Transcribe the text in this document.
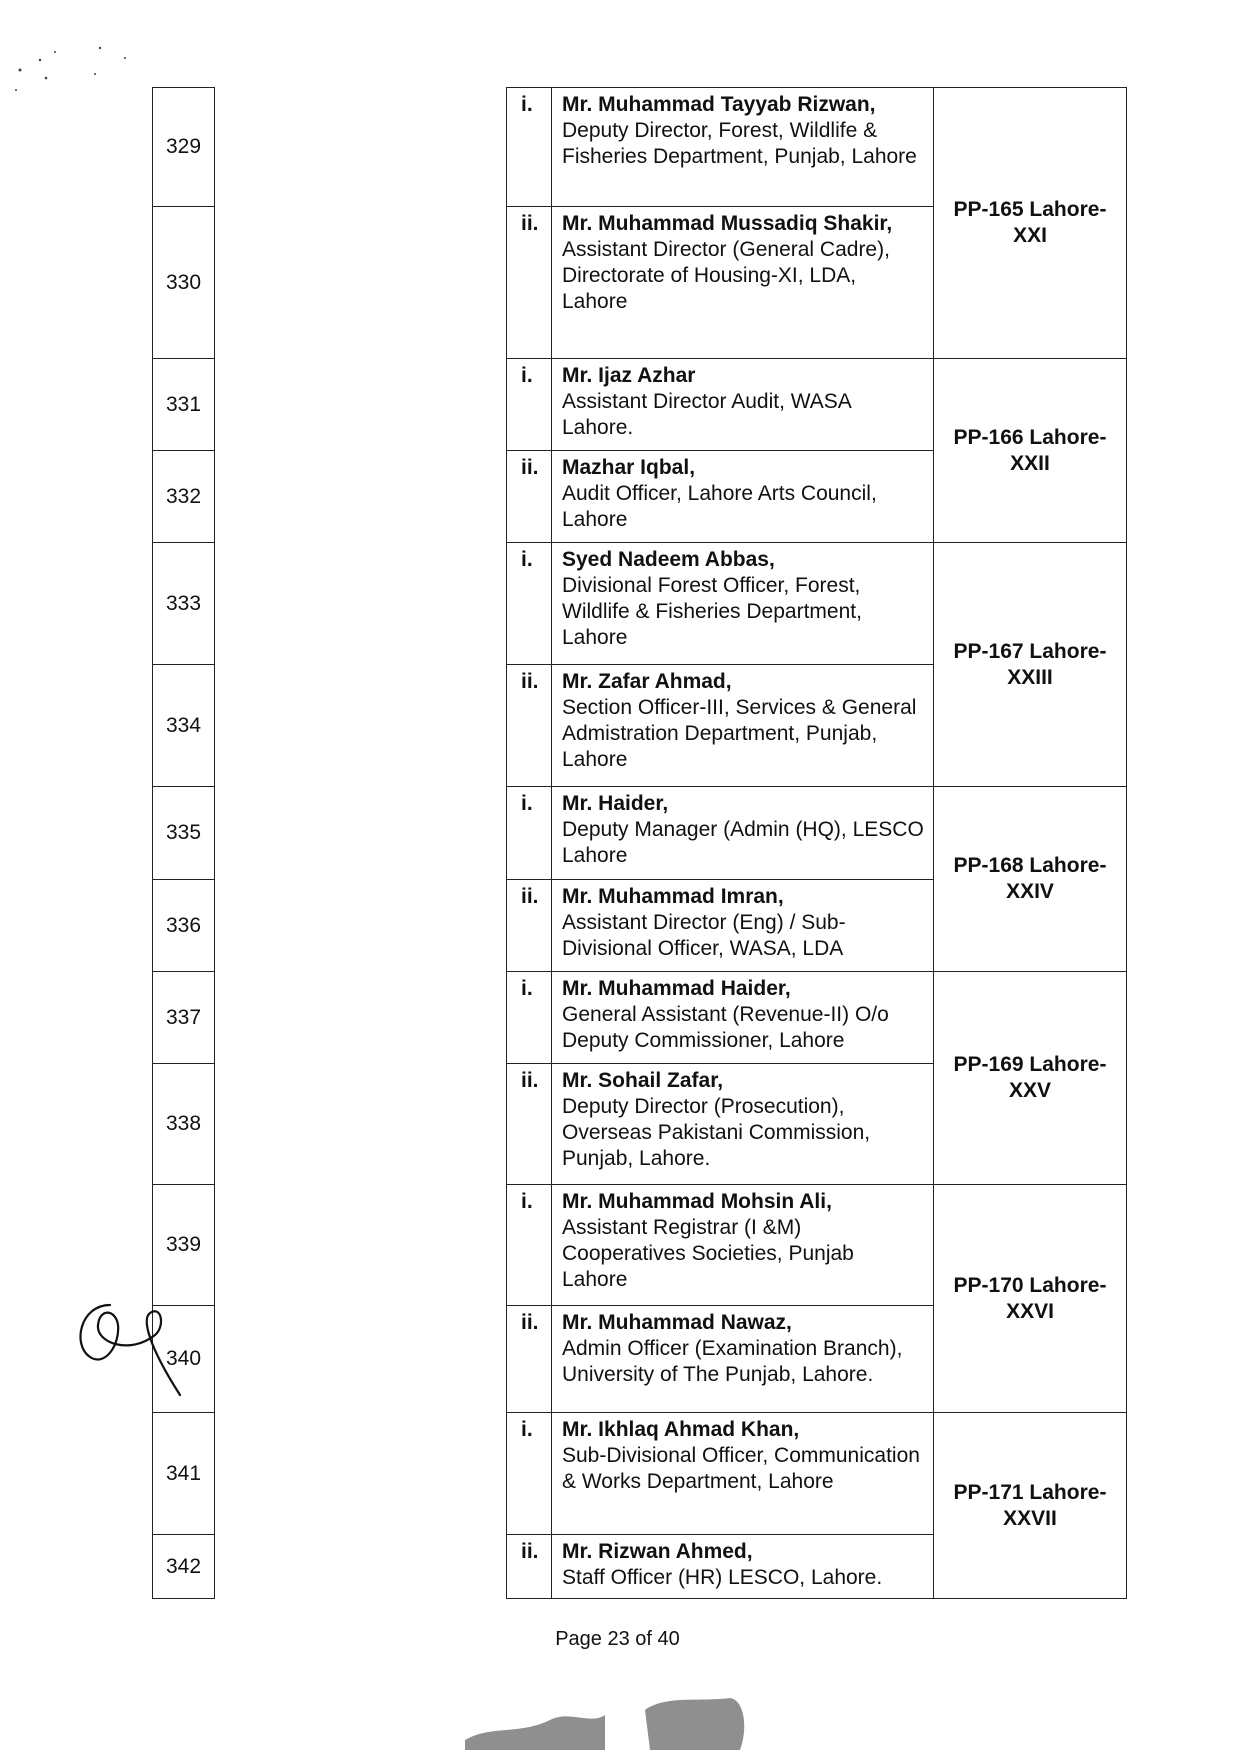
329		i.	Mr. Muhammad Tayyab Rizwan,
Deputy Director, Forest, Wildlife & Fisheries Department, Punjab, Lahore	PP-165 Lahore-XXI
330		ii.	Mr. Muhammad Mussadiq Shakir,
Assistant Director (General Cadre), Directorate of Housing-XI, LDA, Lahore	

331		i.	Mr. Ijaz Azhar
Assistant Director Audit, WASA Lahore.	PP-166 Lahore-XXII
332		ii.	Mazhar Iqbal,
Audit Officer, Lahore Arts Council, Lahore	

333		i.	Syed Nadeem Abbas,
Divisional Forest Officer, Forest, Wildlife & Fisheries Department, Lahore	PP-167 Lahore-XXIII
334		ii.	Mr. Zafar Ahmad,
Section Officer-III, Services & General Admistration Department, Punjab, Lahore	

335		i.	Mr. Haider,
Deputy Manager (Admin (HQ), LESCO Lahore	PP-168 Lahore-XXIV
336		ii.	Mr. Muhammad Imran,
Assistant Director (Eng) / Sub-Divisional Officer, WASA, LDA	

337		i.	Mr. Muhammad Haider,
General Assistant (Revenue-II) O/o Deputy Commissioner, Lahore	PP-169 Lahore-XXV
338		ii.	Mr. Sohail Zafar,
Deputy Director (Prosecution), Overseas Pakistani Commission, Punjab, Lahore.	

339		i.	Mr. Muhammad Mohsin Ali,
Assistant Registrar (I &M) Cooperatives Societies, Punjab Lahore	PP-170 Lahore-XXVI
340		ii.	Mr. Muhammad Nawaz,
Admin Officer (Examination Branch), University of The Punjab, Lahore.	

341		i.	Mr. Ikhlaq Ahmad Khan,
Sub-Divisional Officer, Communication & Works Department, Lahore	PP-171 Lahore-XXVII
342		ii.	Mr. Rizwan Ahmed,
Staff Officer (HR) LESCO, Lahore.	
Page 23 of 40
